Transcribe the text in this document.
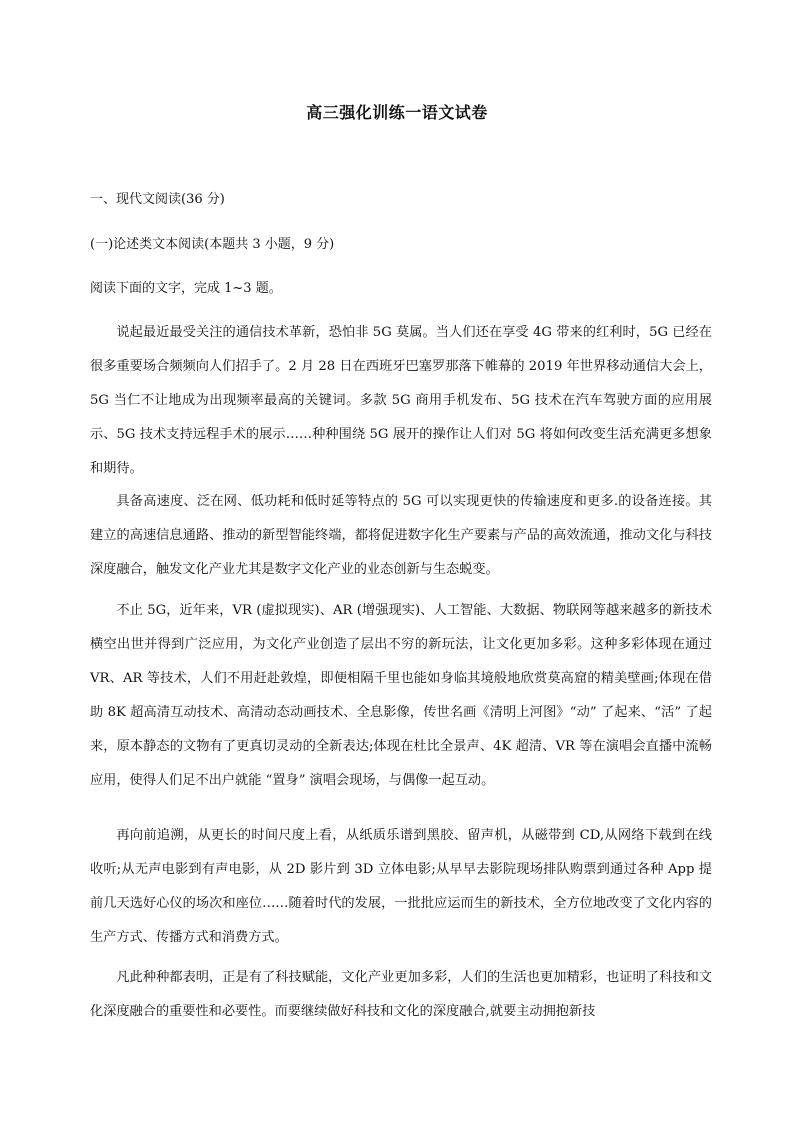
高三强化训练一语文试卷
一、现代文阅读(36 分)
(一)论述类文本阅读(本题共 3 小题，9 分)
阅读下面的文字，完成 1~3 题。

说起最近最受关注的通信技术革新，恐怕非 5G 莫属。当人们还在享受 4G 带来的红利时，5G 已经在很多重要场合频频向人们招手了。2 月 28 日在西班牙巴塞罗那落下帷幕的 2019 年世界移动通信大会上，5G 当仁不让地成为出现频率最高的关键词。多款 5G 商用手机发布、5G 技术在汽车驾驶方面的应用展示、5G 技术支持远程手术的展示……种种围绕 5G 展开的操作让人们对 5G 将如何改变生活充满更多想象和期待。

具备高速度、泛在网、低功耗和低时延等特点的 5G 可以实现更快的传输速度和更多.的设备连接。其建立的高速信息通路、推动的新型智能终端，都将促进数字化生产要素与产品的高效流通，推动文化与科技深度融合，触发文化产业尤其是数字文化产业的业态创新与生态蜕变。

不止 5G，近年来，VR (虚拟现实)、AR (增强现实)、人工智能、大数据、物联网等越来越多的新技术横空出世并得到广泛应用，为文化产业创造了层出不穷的新玩法，让文化更加多彩。这种多彩体现在通过 VR、AR 等技术，人们不用赶赴敦煌，即便相隔千里也能如身临其境般地欣赏莫高窟的精美壁画;体现在借助 8K 超高清互动技术、高清动态动画技术、全息影像，传世名画《清明上河图》“动” 了起来、“活” 了起来，原本静态的文物有了更真切灵动的全新表达;体现在杜比全景声、4K 超清、VR 等在演唱会直播中流畅应用，使得人们足不出户就能 “置身” 演唱会现场，与偶像一起互动。

再向前追溯，从更长的时间尺度上看，从纸质乐谱到黑胶、留声机，从磁带到 CD,从网络下载到在线收听;从无声电影到有声电影，从 2D 影片到 3D 立体电影;从早早去影院现场排队购票到通过各种 App 提前几天选好心仪的场次和座位……随着时代的发展，一批批应运而生的新技术，全方位地改变了文化内容的生产方式、传播方式和消费方式。

凡此种种都表明，正是有了科技赋能，文化产业更加多彩，人们的生活也更加精彩，也证明了科技和文化深度融合的重要性和必要性。而要继续做好科技和文化的深度融合,就要主动拥抱新技
